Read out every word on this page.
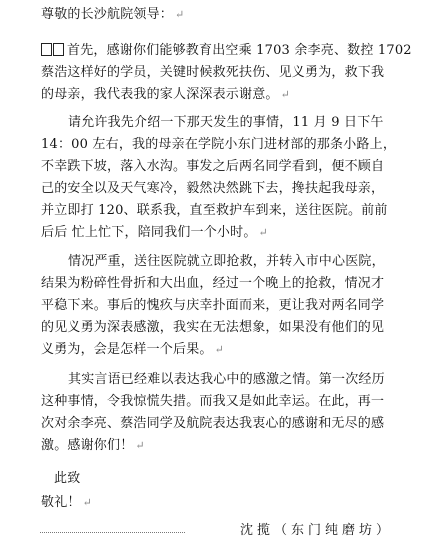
尊敬的长沙航院领导： ↵
首先，感谢你们能够教育出空乘 1703 余李亮、数控 1702
蔡浩这样好的学员，关键时候救死扶伤、见义勇为，救下我
的母亲，我代表我的家人深深表示谢意。 ↵
请允许我先介绍一下那天发生的事情，11 月 9 日下午
14：00 左右，我的母亲在学院小东门进材部的那条小路上，
不幸跌下坡，落入水沟。事发之后两名同学看到，便不顾自
己的安全以及天气寒冷，毅然决然跳下去，搀扶起我母亲，
并立即打 120、联系我，直至救护车到来，送往医院。前前
后后 忙上忙下，陪同我们一个小时。 ↵
情况严重，送往医院就立即抢救，并转入市中心医院，
结果为粉碎性骨折和大出血，经过一个晚上的抢救，情况才
平稳下来。事后的愧疚与庆幸扑面而来，更让我对两名同学
的见义勇为深表感激，我实在无法想象，如果没有他们的见
义勇为，会是怎样一个后果。 ↵
其实言语已经难以表达我心中的感激之情。第一次经历
这种事情，令我惊慌失措。而我又是如此幸运。在此，再一
次对余李亮、蔡浩同学及航院表达我衷心的感谢和无尽的感
激。感谢你们！ ↵
此致
敬礼！ ↵
沈揽（东门纯磨坊）
